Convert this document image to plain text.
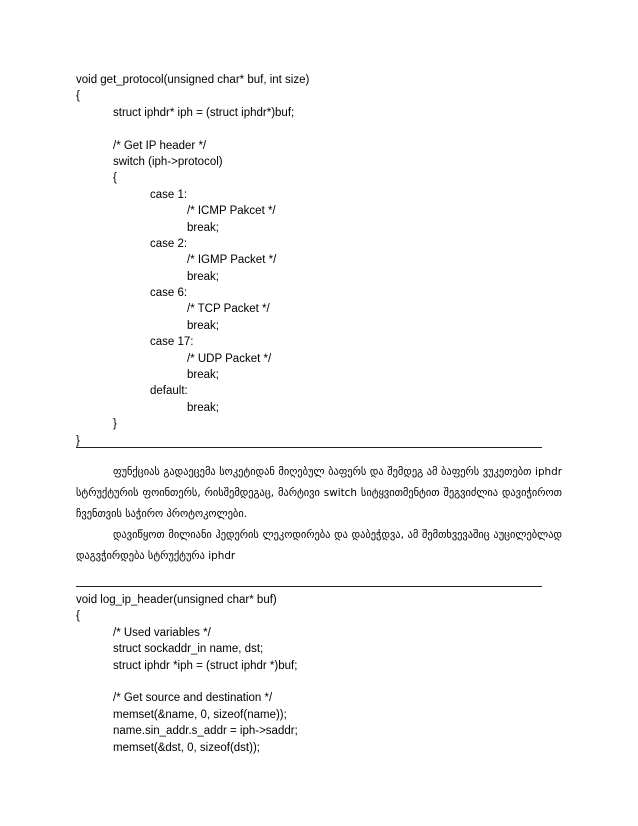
void get_protocol(unsigned char* buf, int size)
{
struct iphdr* iph = (struct iphdr*)buf;
/* Get IP header */
switch (iph->protocol)
{
case 1:
/* ICMP Pakcet */
break;
case 2:
/* IGMP Packet */
break;
case 6:
/* TCP Packet */
break;
case 17:
/* UDP Packet */
break;
default:
break;
}
}
ფუნქციას გადაეცემა სოკეტიდან მიღებულ ბაფერს და შემდეგ ამ ბაფერს ვუკეთებთ iphdr სტრუქტურის ფოინთერს, რისშემდეგაც, მარტივი switch სიტყვითმენტით შეგვიძლია დავიჭიროთ ჩვენთვის საჭირო პროტოკოლები.
დავიწყოთ მილიანი ჰედერის ლეკოდირება და დაბეჭდვა, ამ შემთხვევაშიც აუცილებლად დაგვჭირდება სტრუქტურა iphdr
void log_ip_header(unsigned char* buf)
{
/* Used variables */
struct sockaddr_in name, dst;
struct iphdr *iph = (struct iphdr *)buf;
/* Get source and destination */
memset(&name, 0, sizeof(name));
name.sin_addr.s_addr = iph->saddr;
memset(&dst, 0, sizeof(dst));
